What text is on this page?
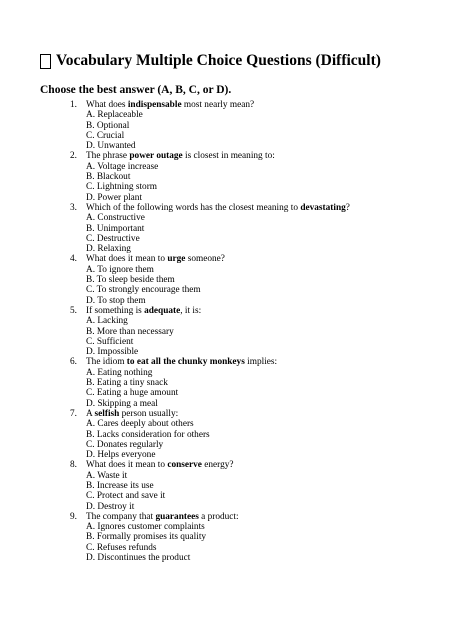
Vocabulary Multiple Choice Questions (Difficult)
Choose the best answer (A, B, C, or D).
1. What does indispensable most nearly mean?
A. Replaceable
B. Optional
C. Crucial
D. Unwanted
2. The phrase power outage is closest in meaning to:
A. Voltage increase
B. Blackout
C. Lightning storm
D. Power plant
3. Which of the following words has the closest meaning to devastating?
A. Constructive
B. Unimportant
C. Destructive
D. Relaxing
4. What does it mean to urge someone?
A. To ignore them
B. To sleep beside them
C. To strongly encourage them
D. To stop them
5. If something is adequate, it is:
A. Lacking
B. More than necessary
C. Sufficient
D. Impossible
6. The idiom to eat all the chunky monkeys implies:
A. Eating nothing
B. Eating a tiny snack
C. Eating a huge amount
D. Skipping a meal
7. A selfish person usually:
A. Cares deeply about others
B. Lacks consideration for others
C. Donates regularly
D. Helps everyone
8. What does it mean to conserve energy?
A. Waste it
B. Increase its use
C. Protect and save it
D. Destroy it
9. The company that guarantees a product:
A. Ignores customer complaints
B. Formally promises its quality
C. Refuses refunds
D. Discontinues the product
